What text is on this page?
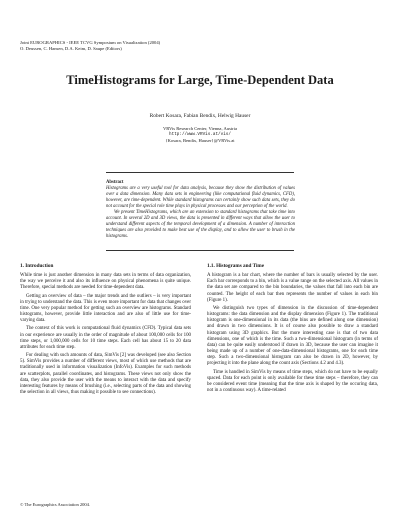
Joint EUROGRAPHICS - IEEE TCVG Symposium on Visualization (2004)
O. Deussen, C. Hansen, D.A. Keim, D. Saupe (Editors)
TimeHistograms for Large, Time-Dependent Data
Robert Kosara, Fabian Bendix, Helwig Hauser
VRVis Research Center, Vienna, Austria
http://www.VRVis.at/vis/
{Kosara, Bendix, Hauser}@VRVis.at
Abstract

Histograms are a very useful tool for data analysis, because they show the distribution of values over a data dimension. Many data sets in engineering (like computational fluid dynamics, CFD), however, are time-dependent. While standard histograms can certainly show such data sets, they do not account for the special role time plays in physical processes and our perception of the world.

We present TimeHistograms, which are an extension to standard histograms that take time into account. In several 2D and 3D views, the data is presented in different ways that allow the user to understand different aspects of the temporal development of a dimension. A number of interaction techniques are also provided to make best use of the display, and to allow the user to brush in the histograms.

1. Introduction

While time is just another dimension in many data sets in terms of data organization, the way we perceive it and also its influence on physical phenomena is quite unique. Therefore, special methods are needed for time-dependent data.

Getting an overview of data – the major trends and the outliers – is very important in trying to understand the data. This is even more important for data that changes over time. One very popular method for getting such an overview are histograms. Standard histograms, however, provide little interaction and are also of little use for time-varying data.

The context of this work is computational fluid dynamics (CFD). Typical data sets in our experience are usually in the order of magnitude of about 100,000 cells for 100 time steps, or 1,000,000 cells for 10 time steps. Each cell has about 15 to 20 data attributes for each time step.

For dealing with such amounts of data, SimVis [2] was developed (see also Section 5). SimVis provides a number of different views, most of which use methods that are traditionally used in information visualization (InfoVis). Examples for such methods are scatterplots, parallel coordinates, and histograms. These views not only show the data, they also provide the user with the means to interact with the data and specify interesting features by means of brushing (i.e., selecting parts of the data and showing the selection in all views, thus making it possible to see connections).

1.1. Histograms and Time

A histogram is a bar chart, where the number of bars is usually selected by the user. Each bar corresponds to a bin, which is a value range on the selected axis. All values in the data set are compared to the bin boundaries, the values that fall into each bin are counted. The height of each bar then represents the number of values in each bin (Figure 1).

We distinguish two types of dimension in the discussion of time-dependent histograms: the data dimension and the display dimension (Figure 1). The traditional histogram is one-dimensional in its data (the bins are defined along one dimension) and drawn in two dimensions. It is of course also possible to draw a standard histogram using 3D graphics. But the more interesting case is that of two data dimensions, one of which is the time. Such a two-dimensional histogram (in terms of data) can be quite easily understood if drawn in 3D, because the user can imagine it being made up of a number of one-data-dimensional histograms, one for each time step. Such a two-dimensional histogram can also be drawn in 2D, however, by projecting it into the plane along the count axis (Sections 4.2 and 4.3).

Time is handled in SimVis by means of time steps, which do not have to be equally spaced. Data for each point is only available for these time steps – therefore, they can be considered event time (meaning that the time axis is shaped by the occuring data, not in a continuous way). A time-related

© The Eurographics Association 2004.
